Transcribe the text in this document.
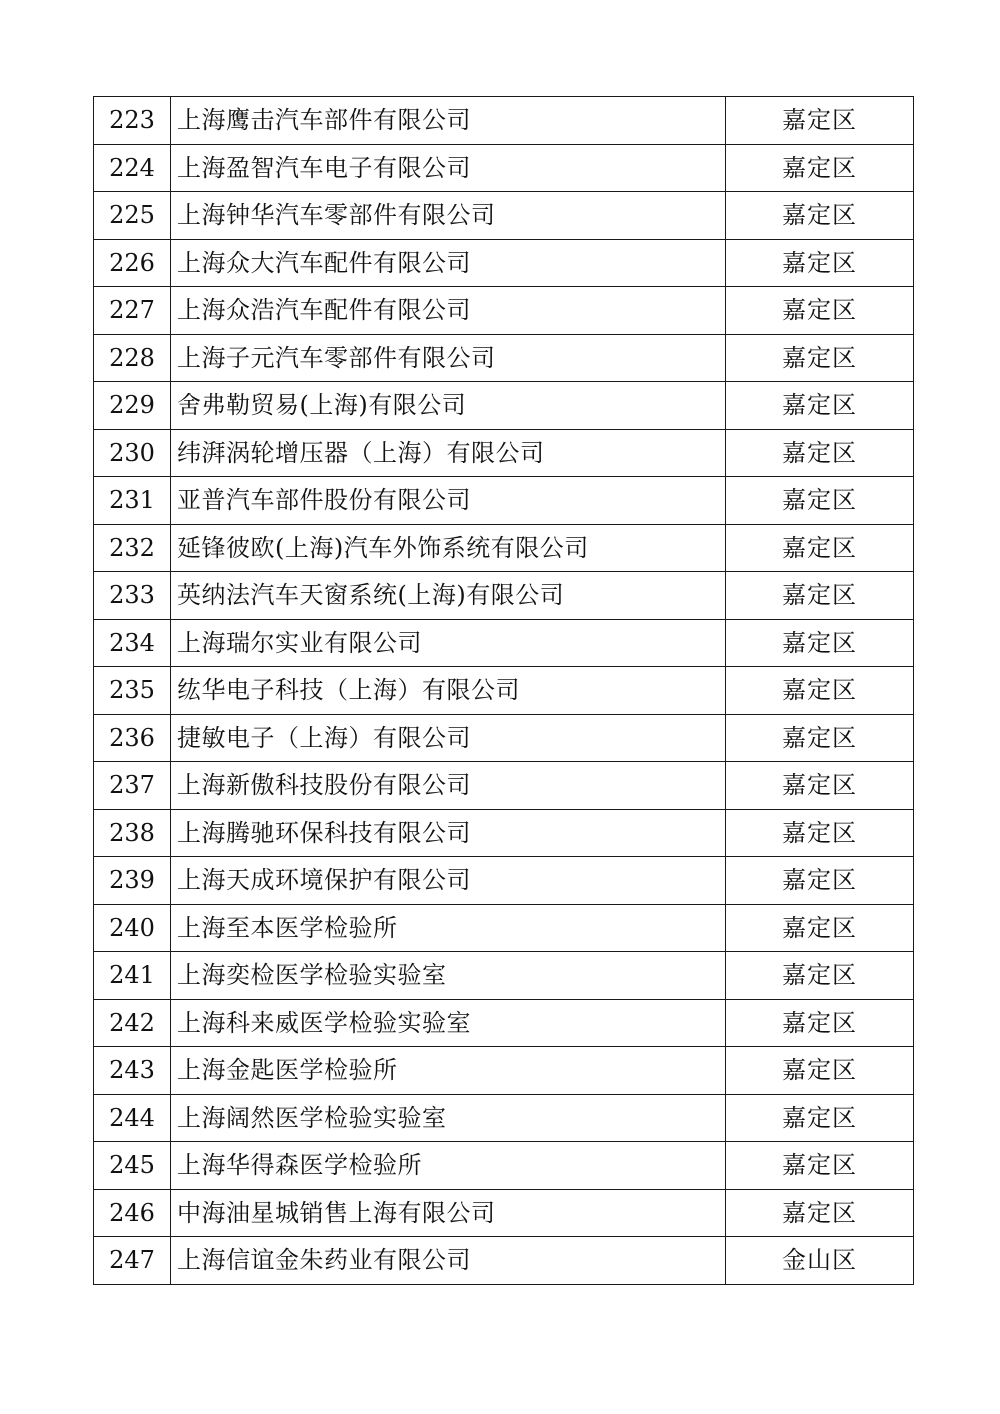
223	上海鹰击汽车部件有限公司	嘉定区
224	上海盈智汽车电子有限公司	嘉定区
225	上海钟华汽车零部件有限公司	嘉定区
226	上海众大汽车配件有限公司	嘉定区
227	上海众浩汽车配件有限公司	嘉定区
228	上海子元汽车零部件有限公司	嘉定区
229	舍弗勒贸易(上海)有限公司	嘉定区
230	纬湃涡轮增压器（上海）有限公司	嘉定区
231	亚普汽车部件股份有限公司	嘉定区
232	延锋彼欧(上海)汽车外饰系统有限公司	嘉定区
233	英纳法汽车天窗系统(上海)有限公司	嘉定区
234	上海瑞尔实业有限公司	嘉定区
235	纮华电子科技（上海）有限公司	嘉定区
236	捷敏电子（上海）有限公司	嘉定区
237	上海新傲科技股份有限公司	嘉定区
238	上海腾驰环保科技有限公司	嘉定区
239	上海天成环境保护有限公司	嘉定区
240	上海至本医学检验所	嘉定区
241	上海奕检医学检验实验室	嘉定区
242	上海科来威医学检验实验室	嘉定区
243	上海金匙医学检验所	嘉定区
244	上海阔然医学检验实验室	嘉定区
245	上海华得森医学检验所	嘉定区
246	中海油星城销售上海有限公司	嘉定区
247	上海信谊金朱药业有限公司	金山区
